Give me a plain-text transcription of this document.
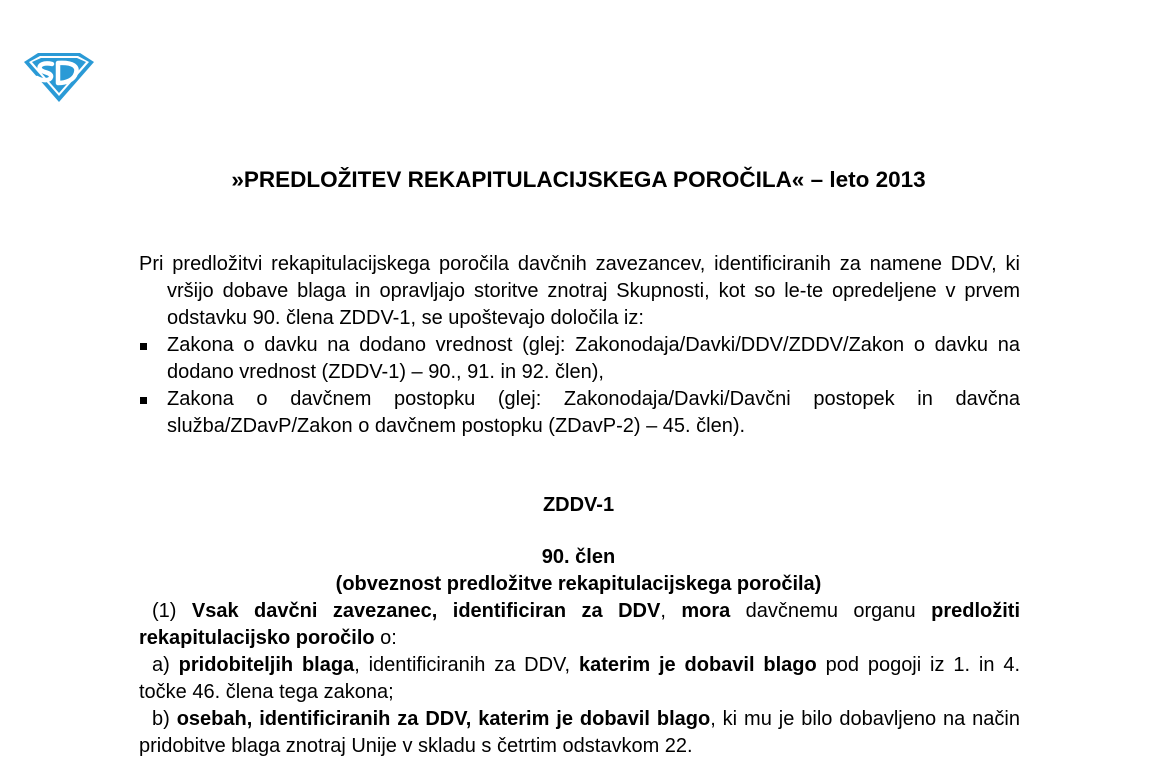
»PREDLOŽITEV REKAPITULACIJSKEGA POROČILA« – leto 2013

Pri predložitvi rekapitulacijskega poročila davčnih zavezancev, identificiranih za namene DDV, ki vršijo dobave blaga in opravljajo storitve znotraj Skupnosti, kot so le-te opredeljene v prvem odstavku 90. člena ZDDV-1, se upoštevajo določila iz:

Zakona o davku na dodano vrednost (glej: Zakonodaja/Davki/DDV/ZDDV/Zakon o davku na dodano vrednost (ZDDV-1) – 90., 91. in 92. člen),

Zakona o davčnem postopku (glej: Zakonodaja/Davki/Davčni postopek in davčna služba/ZDavP/Zakon o davčnem postopku (ZDavP-2) – 45. člen).

ZDDV-1

90. člen

(obveznost predložitve rekapitulacijskega poročila)

(1) Vsak davčni zavezanec, identificiran za DDV, mora davčnemu organu predložiti rekapitulacijsko poročilo o:

a) pridobiteljih blaga, identificiranih za DDV, katerim je dobavil blago pod pogoji iz 1. in 4. točke 46. člena tega zakona;

b) osebah, identificiranih za DDV, katerim je dobavil blago, ki mu je bilo dobavljeno na način pridobitve blaga znotraj Unije v skladu s četrtim odstavkom 22.
